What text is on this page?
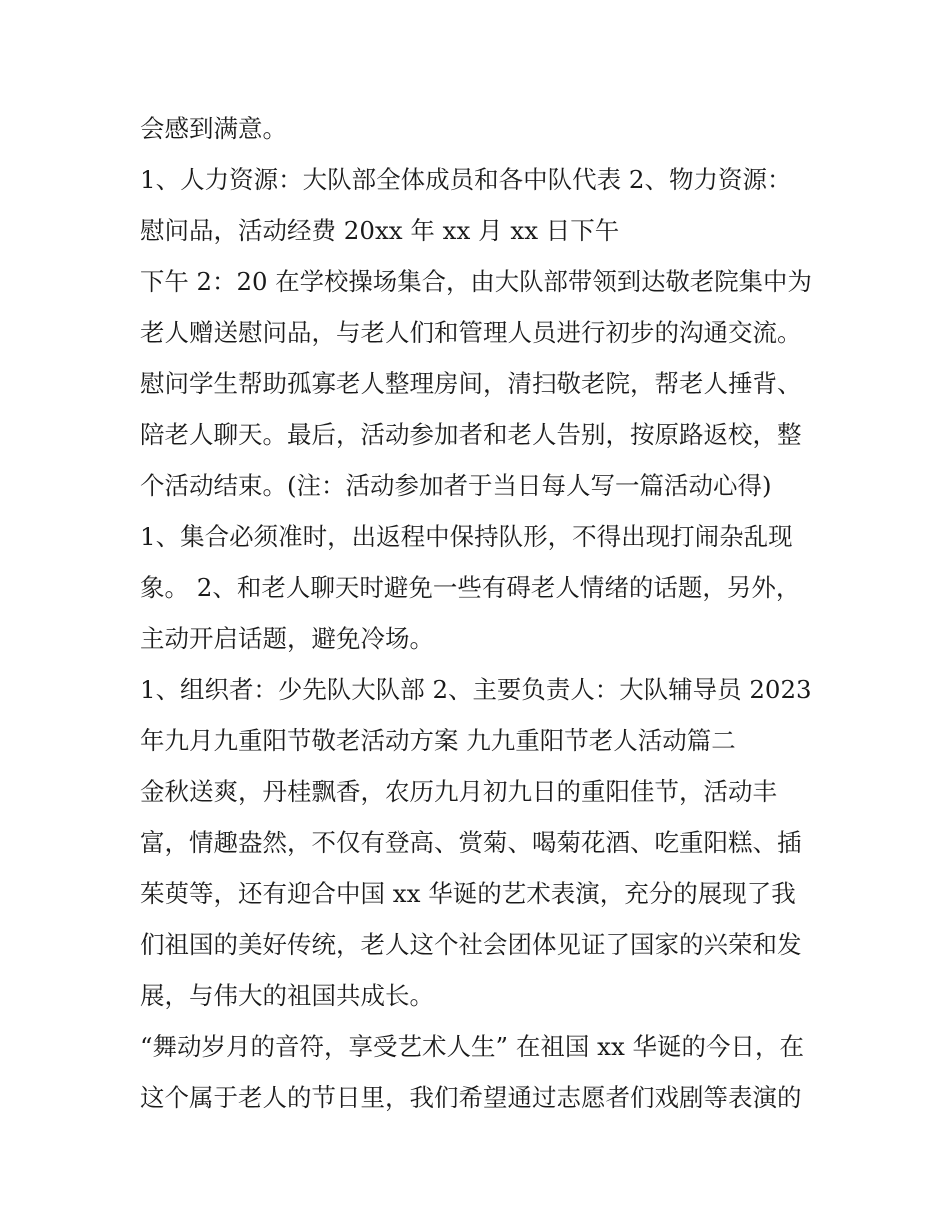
会感到满意。

1、人力资源：大队部全体成员和各中队代表 2、物力资源：

慰问品，活动经费 20xx 年 xx 月 xx 日下午

下午 2：20 在学校操场集合，由大队部带领到达敬老院集中为

老人赠送慰问品，与老人们和管理人员进行初步的沟通交流。

慰问学生帮助孤寡老人整理房间，清扫敬老院，帮老人捶背、

陪老人聊天。最后，活动参加者和老人告别，按原路返校，整

个活动结束。(注：活动参加者于当日每人写一篇活动心得)

1、集合必须准时，出返程中保持队形，不得出现打闹杂乱现

象。 2、和老人聊天时避免一些有碍老人情绪的话题，另外，

主动开启话题，避免冷场。

1、组织者：少先队大队部 2、主要负责人：大队辅导员 2023

年九月九重阳节敬老活动方案 九九重阳节老人活动篇二

金秋送爽，丹桂飘香，农历九月初九日的重阳佳节，活动丰

富，情趣盎然，不仅有登高、赏菊、喝菊花酒、吃重阳糕、插

茱萸等，还有迎合中国 xx 华诞的艺术表演，充分的展现了我

们祖国的美好传统，老人这个社会团体见证了国家的兴荣和发

展，与伟大的祖国共成长。

“舞动岁月的音符，享受艺术人生” 在祖国 xx 华诞的今日，在

这个属于老人的节日里，我们希望通过志愿者们戏剧等表演的
